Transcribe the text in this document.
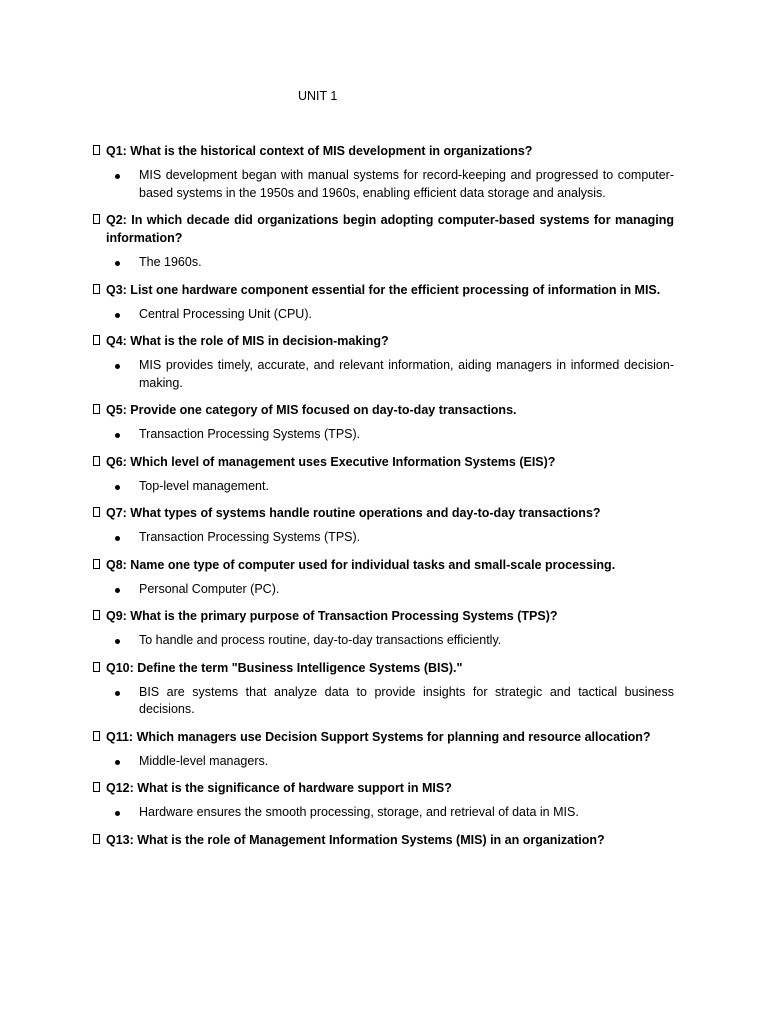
UNIT 1
Q1: What is the historical context of MIS development in organizations?
MIS development began with manual systems for record-keeping and progressed to computer-based systems in the 1950s and 1960s, enabling efficient data storage and analysis.
Q2: In which decade did organizations begin adopting computer-based systems for managing information?
The 1960s.
Q3: List one hardware component essential for the efficient processing of information in MIS.
Central Processing Unit (CPU).
Q4: What is the role of MIS in decision-making?
MIS provides timely, accurate, and relevant information, aiding managers in informed decision-making.
Q5: Provide one category of MIS focused on day-to-day transactions.
Transaction Processing Systems (TPS).
Q6: Which level of management uses Executive Information Systems (EIS)?
Top-level management.
Q7: What types of systems handle routine operations and day-to-day transactions?
Transaction Processing Systems (TPS).
Q8: Name one type of computer used for individual tasks and small-scale processing.
Personal Computer (PC).
Q9: What is the primary purpose of Transaction Processing Systems (TPS)?
To handle and process routine, day-to-day transactions efficiently.
Q10: Define the term "Business Intelligence Systems (BIS)."
BIS are systems that analyze data to provide insights for strategic and tactical business decisions.
Q11: Which managers use Decision Support Systems for planning and resource allocation?
Middle-level managers.
Q12: What is the significance of hardware support in MIS?
Hardware ensures the smooth processing, storage, and retrieval of data in MIS.
Q13: What is the role of Management Information Systems (MIS) in an organization?
